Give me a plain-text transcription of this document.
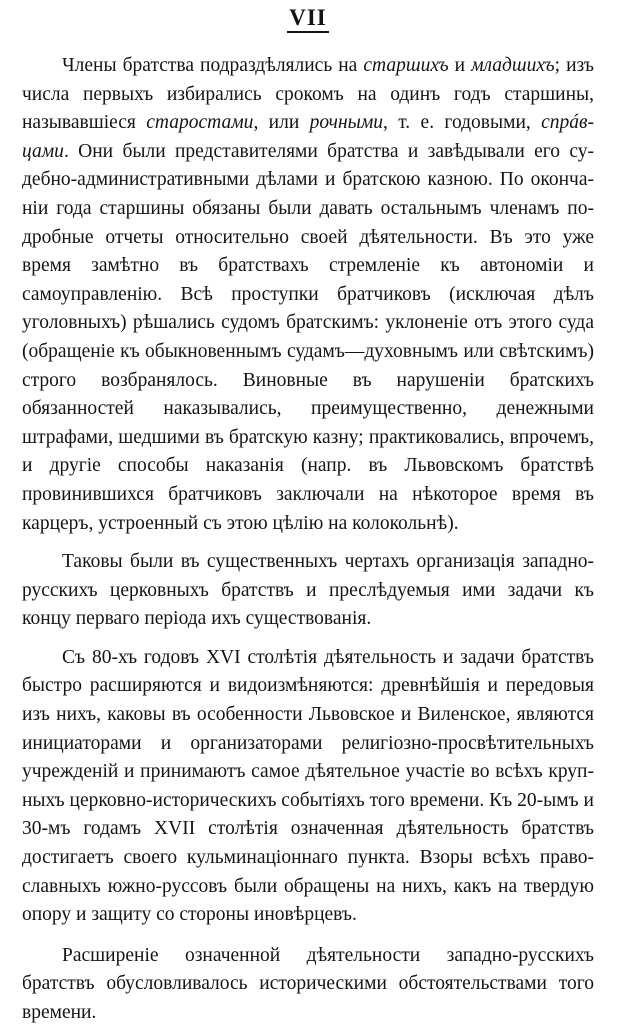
VII

Члены братства подраздѣлялись на старшихъ и младшихъ; изъ числа первыхъ избирались срокомъ на одинъ годъ старшины, называвшiеся старостами, или рочными, т. е. годовыми, спрáвцами. Они были представителями братства и завѣдывали его судебно-административными дѣлами и братскою казною. По окончанiи года старшины обязаны были давать остальнымъ членамъ подробные отчеты относительно своей дѣятельности. Въ это уже время замѣтно въ братствахъ стремленiе къ автономiи и самоуправленiю. Всѣ проступки братчиковъ (исключая дѣлъ уголовныхъ) рѣшались судомъ братскимъ: уклоненiе отъ этого суда (обращенiе къ обыкновеннымъ судамъ—духовнымъ или свѣтскимъ) строго возбранялось. Виновные въ нарушенiи братскихъ обязанностей наказывались, преимущественно, денежными штрафами, шедшими въ братскую казну; практиковались, впрочемъ, и другiе способы наказанiя (напр. въ Львовскомъ братствѣ провинившихся братчиковъ заключали на нѣкоторое время въ карцеръ, устроенный съ этою цѣлiю на колокольнѣ).

Таковы были въ существенныхъ чертахъ организацiя западнорусскихъ церковныхъ братствъ и преслѣдуемыя ими задачи къ концу перваго перiода ихъ существованiя.

Съ 80-хъ годовъ XVI столѣтiя дѣятельность и задачи братствъ быстро расширяются и видоизмѣняются: древнѣйшiя и передовыя изъ нихъ, каковы въ особенности Львовское и Виленское, являются инициаторами и организаторами религiозно-просвѣтительныхъ учрежденiй и принимаютъ самое дѣятельное участiе во всѣхъ крупныхъ церковно-историческихъ событiяхъ того времени. Къ 20-ымъ и 30-мъ годамъ XVII столѣтiя означенная дѣятельность братствъ достигаетъ своего кульминацiоннаго пункта. Взоры всѣхъ православныхъ южно-руссовъ были обращены на нихъ, какъ на твердую опору и защиту со стороны иновѣрцевъ.

Расширенiе означенной дѣятельности западно-русскихъ братствъ обусловливалось историческими обстоятельствами того времени.
